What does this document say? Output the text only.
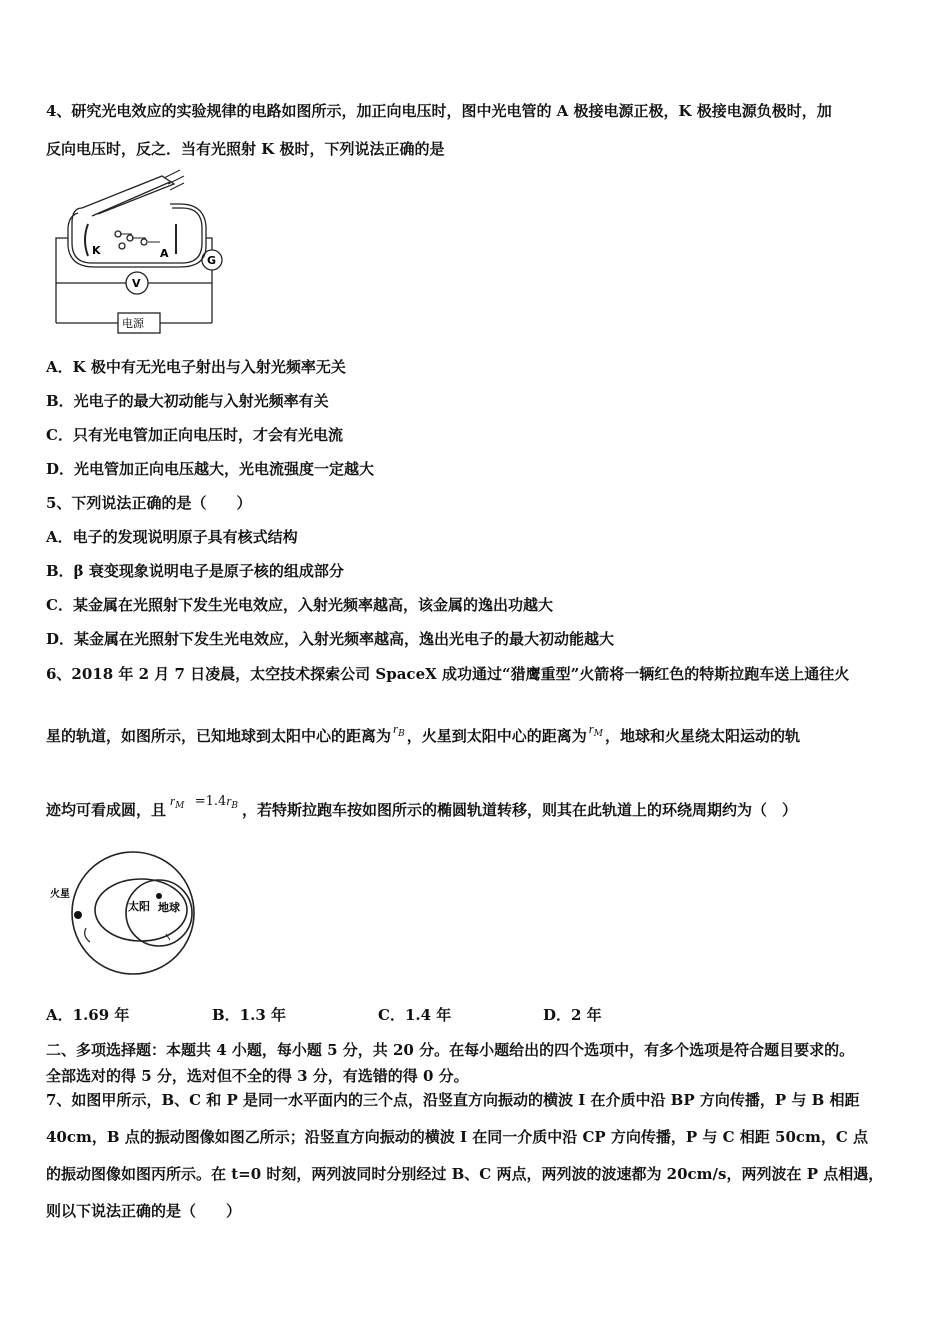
4、研究光电效应的实验规律的电路如图所示，加正向电压时，图中光电管的 A 极接电源正极，K 极接电源负极时，加
反向电压时，反之．当有光照射 K 极时，下列说法正确的是
K	A
G
V
电源
A．K 极中有无光电子射出与入射光频率无关
B．光电子的最大初动能与入射光频率有关
C．只有光电管加正向电压时，才会有光电流
D．光电管加正向电压越大，光电流强度一定越大
5、下列说法正确的是（　　）
A．电子的发现说明原子具有核式结构
B．β 衰变现象说明电子是原子核的组成部分
C．某金属在光照射下发生光电效应，入射光频率越高，该金属的逸出功越大
D．某金属在光照射下发生光电效应，入射光频率越高，逸出光电子的最大初动能越大
6、2018 年 2 月 7 日凌晨，太空技术探索公司 SpaceX 成功通过“猎鹰重型”火箭将一辆红色的特斯拉跑车送上通往火
星的轨道，如图所示，已知地球到太阳中心的距离为 $r_B$ ，火星到太阳中心的距离为 $r_M$ ，地球和火星绕太阳运动的轨
迹均可看成圆，且$r_M =1.4r_B$ ，若特斯拉跑车按如图所示的椭圆轨道转移，则其在此轨道上的环绕周期约为（　）
火星
太阳 地球
A．1.69 年	B．1.3 年	C．1.4 年	D．2 年
二、多项选择题：本题共 4 小题，每小题 5 分，共 20 分。在每小题给出的四个选项中，有多个选项是符合题目要求的。
全部选对的得 5 分，选对但不全的得 3 分，有选错的得 0 分。
7、如图甲所示，B、C 和 P 是同一水平面内的三个点，沿竖直方向振动的横波 I 在介质中沿 BP 方向传播，P 与 B 相距
40cm，B 点的振动图像如图乙所示；沿竖直方向振动的横波 I 在同一介质中沿 CP 方向传播，P 与 C 相距 50cm，C 点
的振动图像如图丙所示。在 t=0 时刻，两列波同时分别经过 B、C 两点，两列波的波速都为 20cm/s，两列波在 P 点相遇，
则以下说法正确的是（　　）
